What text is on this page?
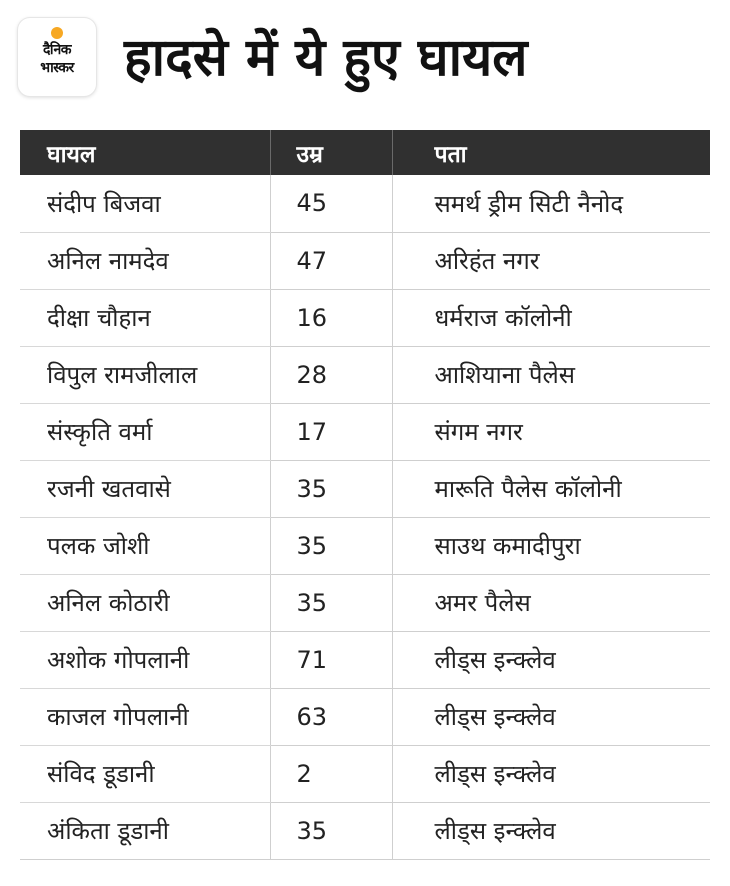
दैनिक
भास्कर हादसे में ये हुए घायल
घायल	उम्र	पता
संदीप बिजवा	45	समर्थ ड्रीम सिटी नैनोद
अनिल नामदेव	47	अरिहंत नगर
दीक्षा चौहान	16	धर्मराज कॉलोनी
विपुल रामजीलाल	28	आशियाना पैलेस
संस्कृति वर्मा	17	संगम नगर
रजनी खतवासे	35	मारूति पैलेस कॉलोनी
पलक जोशी	35	साउथ कमादीपुरा
अनिल कोठारी	35	अमर पैलेस
अशोक गोपलानी	71	लीड्स इन्क्लेव
काजल गोपलानी	63	लीड्स इन्क्लेव
संविद डूडानी	2	लीड्स इन्क्लेव
अंकिता डूडानी	35	लीड्स इन्क्लेव
